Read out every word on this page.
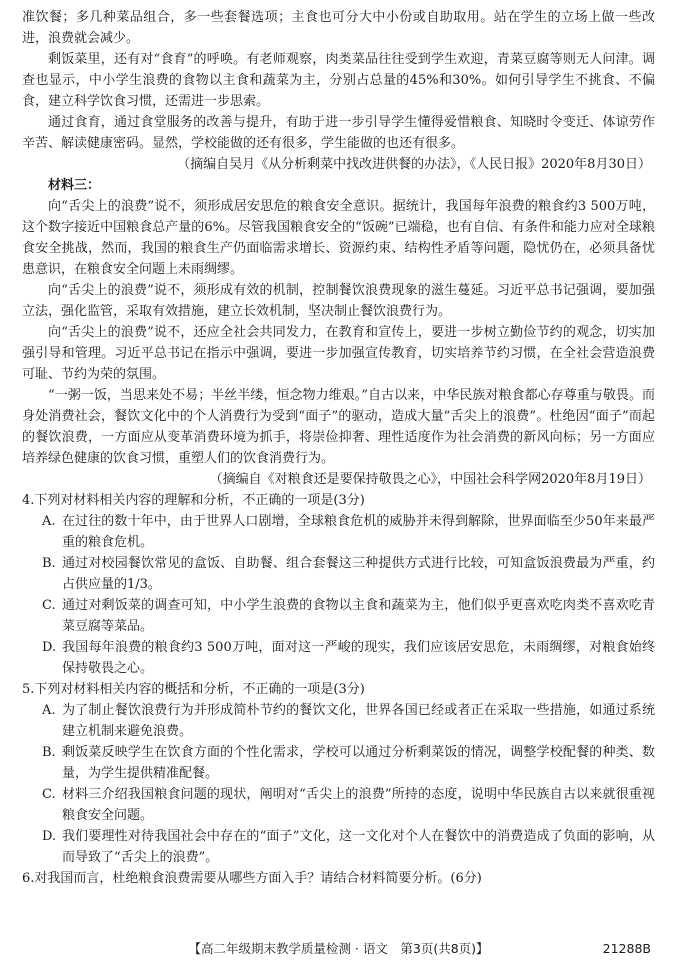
准饮餐；多几种菜品组合，多一些套餐选项；主食也可分大中小份或自助取用。站在学生的立场上做一些改进，浪费就会减少。

剩饭菜里，还有对“食育”的呼唤。有老师观察，肉类菜品往往受到学生欢迎，青菜豆腐等则无人问津。调查也显示，中小学生浪费的食物以主食和蔬菜为主，分别占总量的45%和30%。如何引导学生不挑食、不偏食，建立科学饮食习惯，还需进一步思索。

通过食育，通过食堂服务的改善与提升，有助于进一步引导学生懂得爱惜粮食、知晓时令变迁、体谅劳作辛苦、解读健康密码。显然，学校能做的还有很多，学生能做的也还有很多。

（摘编自吴月《从分析剩菜中找改进供餐的办法》，《人民日报》2020年8月30日）

材料三：

向“舌尖上的浪费”说不，须形成居安思危的粮食安全意识。据统计，我国每年浪费的粮食约3 500万吨，这个数字接近中国粮食总产量的6%。尽管我国粮食安全的“饭碗”已端稳，也有自信、有条件和能力应对全球粮食安全挑战，然而，我国的粮食生产仍面临需求增长、资源约束、结构性矛盾等问题，隐忧仍在，必须具备忧患意识，在粮食安全问题上未雨绸缪。

向“舌尖上的浪费”说不，须形成有效的机制，控制餐饮浪费现象的滋生蔓延。习近平总书记强调，要加强立法，强化监管，采取有效措施，建立长效机制，坚决制止餐饮浪费行为。

向“舌尖上的浪费”说不，还应全社会共同发力，在教育和宣传上，要进一步树立勤俭节约的观念，切实加强引导和管理。习近平总书记在指示中强调，要进一步加强宣传教育，切实培养节约习惯，在全社会营造浪费可耻、节约为荣的氛围。

“一粥一饭，当思来处不易；半丝半缕，恒念物力维艰。”自古以来，中华民族对粮食都心存尊重与敬畏。而身处消费社会，餐饮文化中的个人消费行为受到“面子”的驱动，造成大量“舌尖上的浪费”。杜绝因“面子”而起的餐饮浪费，一方面应从变革消费环境为抓手，将崇俭抑奢、理性适度作为社会消费的新风向标；另一方面应培养绿色健康的饮食习惯，重塑人们的饮食消费行为。

（摘编自《对粮食还是要保持敬畏之心》，中国社会科学网2020年8月19日）

4.下列对材料相关内容的理解和分析，不正确的一项是(3分)

A. 在过往的数十年中，由于世界人口剧增，全球粮食危机的威胁并未得到解除，世界面临至少50年来最严重的粮食危机。
B. 通过对校园餐饮常见的盒饭、自助餐、组合套餐这三种提供方式进行比较，可知盒饭浪费最为严重，约占供应量的1/3。
C. 通过对剩饭菜的调查可知，中小学生浪费的食物以主食和蔬菜为主，他们似乎更喜欢吃肉类不喜欢吃青菜豆腐等菜品。
D. 我国每年浪费的粮食约3 500万吨，面对这一严峻的现实，我们应该居安思危，未雨绸缪，对粮食始终保持敬畏之心。

5.下列对材料相关内容的概括和分析，不正确的一项是(3分)

A. 为了制止餐饮浪费行为并形成简朴节约的餐饮文化，世界各国已经或者正在采取一些措施，如通过系统建立机制来避免浪费。
B. 剩饭菜反映学生在饮食方面的个性化需求，学校可以通过分析剩菜饭的情况，调整学校配餐的种类、数量，为学生提供精准配餐。
C. 材料三介绍我国粮食问题的现状，阐明对“舌尖上的浪费”所持的态度，说明中华民族自古以来就很重视粮食安全问题。
D. 我们要理性对待我国社会中存在的“面子”文化，这一文化对个人在餐饮中的消费造成了负面的影响，从而导致了“舌尖上的浪费”。

6.对我国而言，杜绝粮食浪费需要从哪些方面入手？请结合材料简要分析。(6分)

【高二年级期末教学质量检测 · 语文　第3页(共8页)】	21288B
